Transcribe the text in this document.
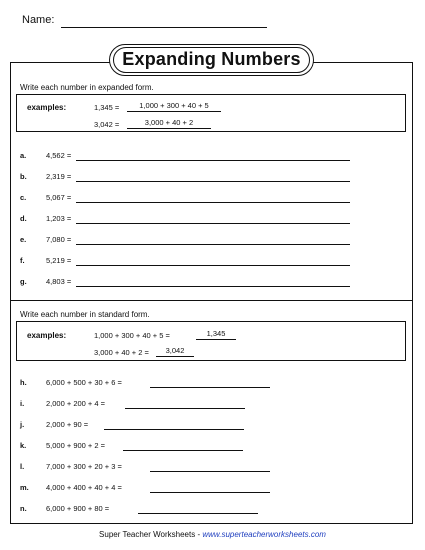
Name:
Expanding Numbers
Write each number in expanded form.
examples:	1,345 =	1,000 + 300 + 40 + 5
3,042 =	3,000 + 40 + 2
a.	4,562 =
b.	2,319 =
c.	5,067 =
d.	1,203 =
e.	7,080 =
f.	5,219 =
g.	4,803 =
Write each number in standard form.
examples:	1,000 + 300 + 40 + 5 =	1,345
3,000 + 40 + 2 =	3,042
h.	6,000 + 500 + 30 + 6 =
i.	2,000 + 200 + 4 =
j.	2,000 + 90 =
k.	5,000 + 900 + 2 =
l.	7,000 + 300 + 20 + 3 =
m. 4,000 + 400 + 40 + 4 =
n.	6,000 + 900 + 80 =
Super Teacher Worksheets - www.superteacherworksheets.com
